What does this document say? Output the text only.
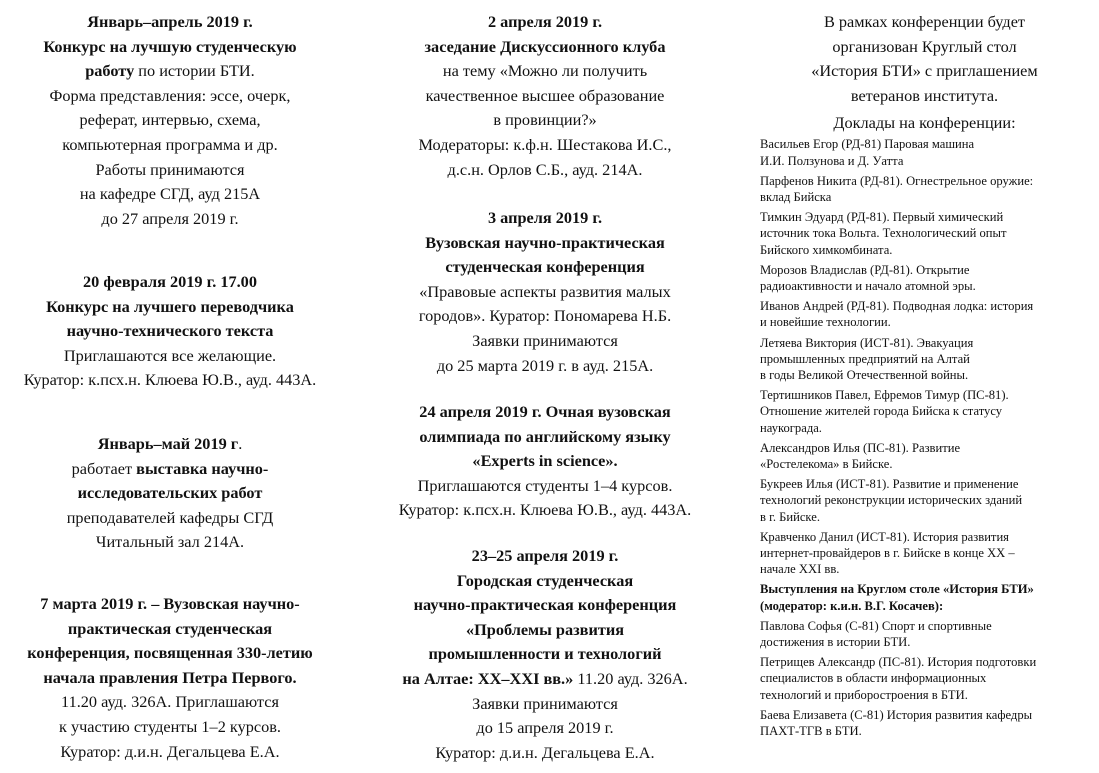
Январь–апрель 2019 г.
Конкурс на лучшую студенческую
работу по истории БТИ.
Форма представления: эссе, очерк,
реферат, интервью, схема,
компьютерная программа и др.
Работы принимаются
на кафедре СГД, ауд 215А
до 27 апреля 2019 г.
20 февраля 2019 г. 17.00
Конкурс на лучшего переводчика
научно-технического текста
Приглашаются все желающие.
Куратор: к.псх.н. Клюева Ю.В., ауд. 443А.
Январь–май 2019 г.
работает выставка научно-
исследовательских работ
преподавателей кафедры СГД
Читальный зал 214А.
7 марта 2019 г. – Вузовская научно-
практическая студенческая
конференция, посвященная 330-летию
начала правления Петра Первого.
11.20 ауд. 326А. Приглашаются
к участию студенты 1–2 курсов.
Куратор: д.и.н. Дегальцева Е.А.
2 апреля 2019 г.
заседание Дискуссионного клуба
на тему «Можно ли получить
качественное высшее образование
в провинции?»
Модераторы: к.ф.н. Шестакова И.С.,
д.с.н. Орлов С.Б., ауд. 214А.
3 апреля 2019 г.
Вузовская научно-практическая
студенческая конференция
«Правовые аспекты развития малых
городов». Куратор: Пономарева Н.Б.
Заявки принимаются
до 25 марта 2019 г. в ауд. 215А.
24 апреля 2019 г. Очная вузовская
олимпиада по английскому языку
«Experts in science».
Приглашаются студенты 1–4 курсов.
Куратор: к.псх.н. Клюева Ю.В., ауд. 443А.
23–25 апреля 2019 г.
Городская студенческая
научно-практическая конференция
«Проблемы развития
промышленности и технологий
на Алтае: XX–XXI вв.» 11.20 ауд. 326А.
Заявки принимаются
до 15 апреля 2019 г.
Куратор: д.и.н. Дегальцева Е.А.
В рамках конференции будет
организован Круглый стол
«История БТИ» с приглашением
ветеранов института.
Доклады на конференции:
Васильев Егор (РД-81) Паровая машина
И.И. Ползунова и Д. Уатта
Парфенов Никита (РД-81). Огнестрельное оружие:
вклад Бийска
Тимкин Эдуард (РД-81). Первый химический
источник тока Вольта. Технологический опыт
Бийского химкомбината.
Морозов Владислав (РД-81). Открытие
радиоактивности и начало атомной эры.
Иванов Андрей (РД-81). Подводная лодка: история
и новейшие технологии.
Летяева Виктория (ИСТ-81). Эвакуация
промышленных предприятий на Алтай
в годы Великой Отечественной войны.
Тертишников Павел, Ефремов Тимур (ПС-81).
Отношение жителей города Бийска к статусу
наукограда.
Александров Илья (ПС-81). Развитие
«Ростелекома» в Бийске.
Букреев Илья (ИСТ-81). Развитие и применение
технологий реконструкции исторических зданий
в г. Бийске.
Кравченко Данил (ИСТ-81). История развития
интернет-провайдеров в г. Бийске в конце XX –
начале XXI вв.
Выступления на Круглом столе «История БТИ»
(модератор: к.и.н. В.Г. Косачев):
Павлова Софья (С-81) Спорт и спортивные
достижения в истории БТИ.
Петрищев Александр (ПС-81). История подготовки
специалистов в области информационных
технологий и приборостроения в БТИ.
Баева Елизавета (С-81) История развития кафедры
ПАХТ-ТГВ в БТИ.
